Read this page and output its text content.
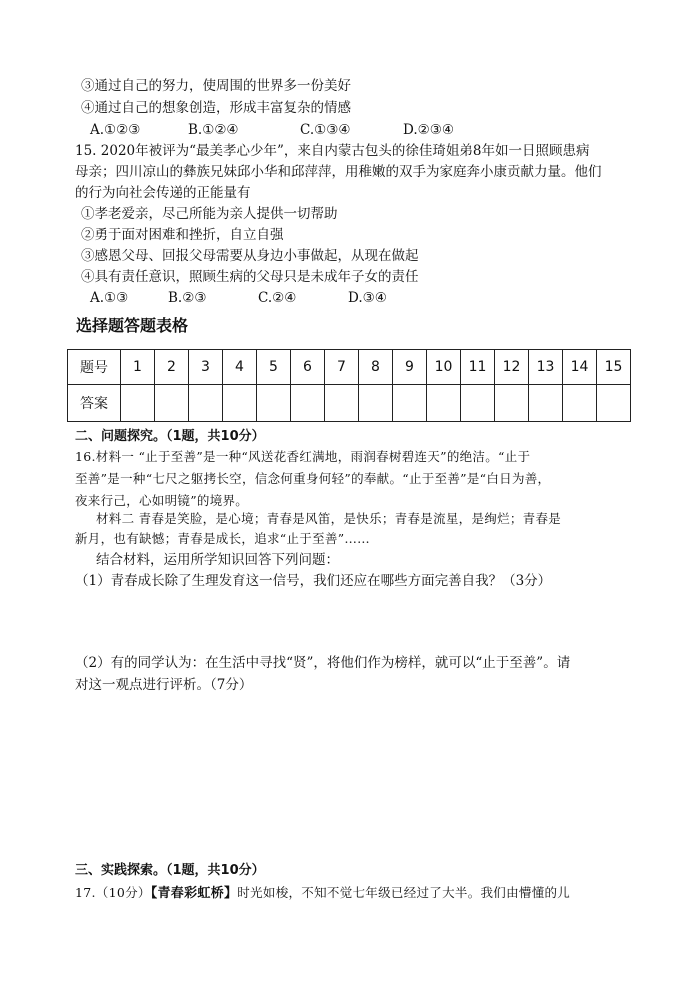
③通过自己的努力，使周围的世界多一份美好
④通过自己的想象创造，形成丰富复杂的情感
A.①②③	B.①②④	C.①③④	D.②③④
15. 2020年被评为“最美孝心少年”，来自内蒙古包头的徐佳琦姐弟8年如一日照顾患病
母亲；四川凉山的彝族兄妹邱小华和邱萍萍，用稚嫩的双手为家庭奔小康贡献力量。他们
的行为向社会传递的正能量有
①孝老爱亲，尽己所能为亲人提供一切帮助
②勇于面对困难和挫折，自立自强
③感恩父母、回报父母需要从身边小事做起，从现在做起
④具有责任意识，照顾生病的父母只是未成年子女的责任
A.①③	B.②③	C.②④	D.③④
选择题答题表格
题号	1	2	3	4	5	6	7	8	9	10	11	12	13	14	15
答案															
二、问题探究。（1题，共10分）
16.材料一 “止于至善”是一种“风送花香红满地，雨润春树碧连天”的绝洁。“止于
至善”是一种“七尺之躯拷长空，信念何重身何轻”的奉献。“止于至善”是“白日为善，
夜来行己，心如明镜”的境界。
材料二 青春是笑脸，是心境；青春是风笛，是快乐；青春是流星，是绚烂；青春是
新月，也有缺憾；青春是成长，追求“止于至善”……
结合材料，运用所学知识回答下列问题：
（1）青春成长除了生理发育这一信号，我们还应在哪些方面完善自我？（3分）
（2）有的同学认为：在生活中寻找“贤”，将他们作为榜样，就可以“止于至善”。请
对这一观点进行评析。（7分）
三、实践探索。（1题，共10分）
17.（10分）【青春彩虹桥】时光如梭，不知不觉七年级已经过了大半。我们由懵懂的儿
